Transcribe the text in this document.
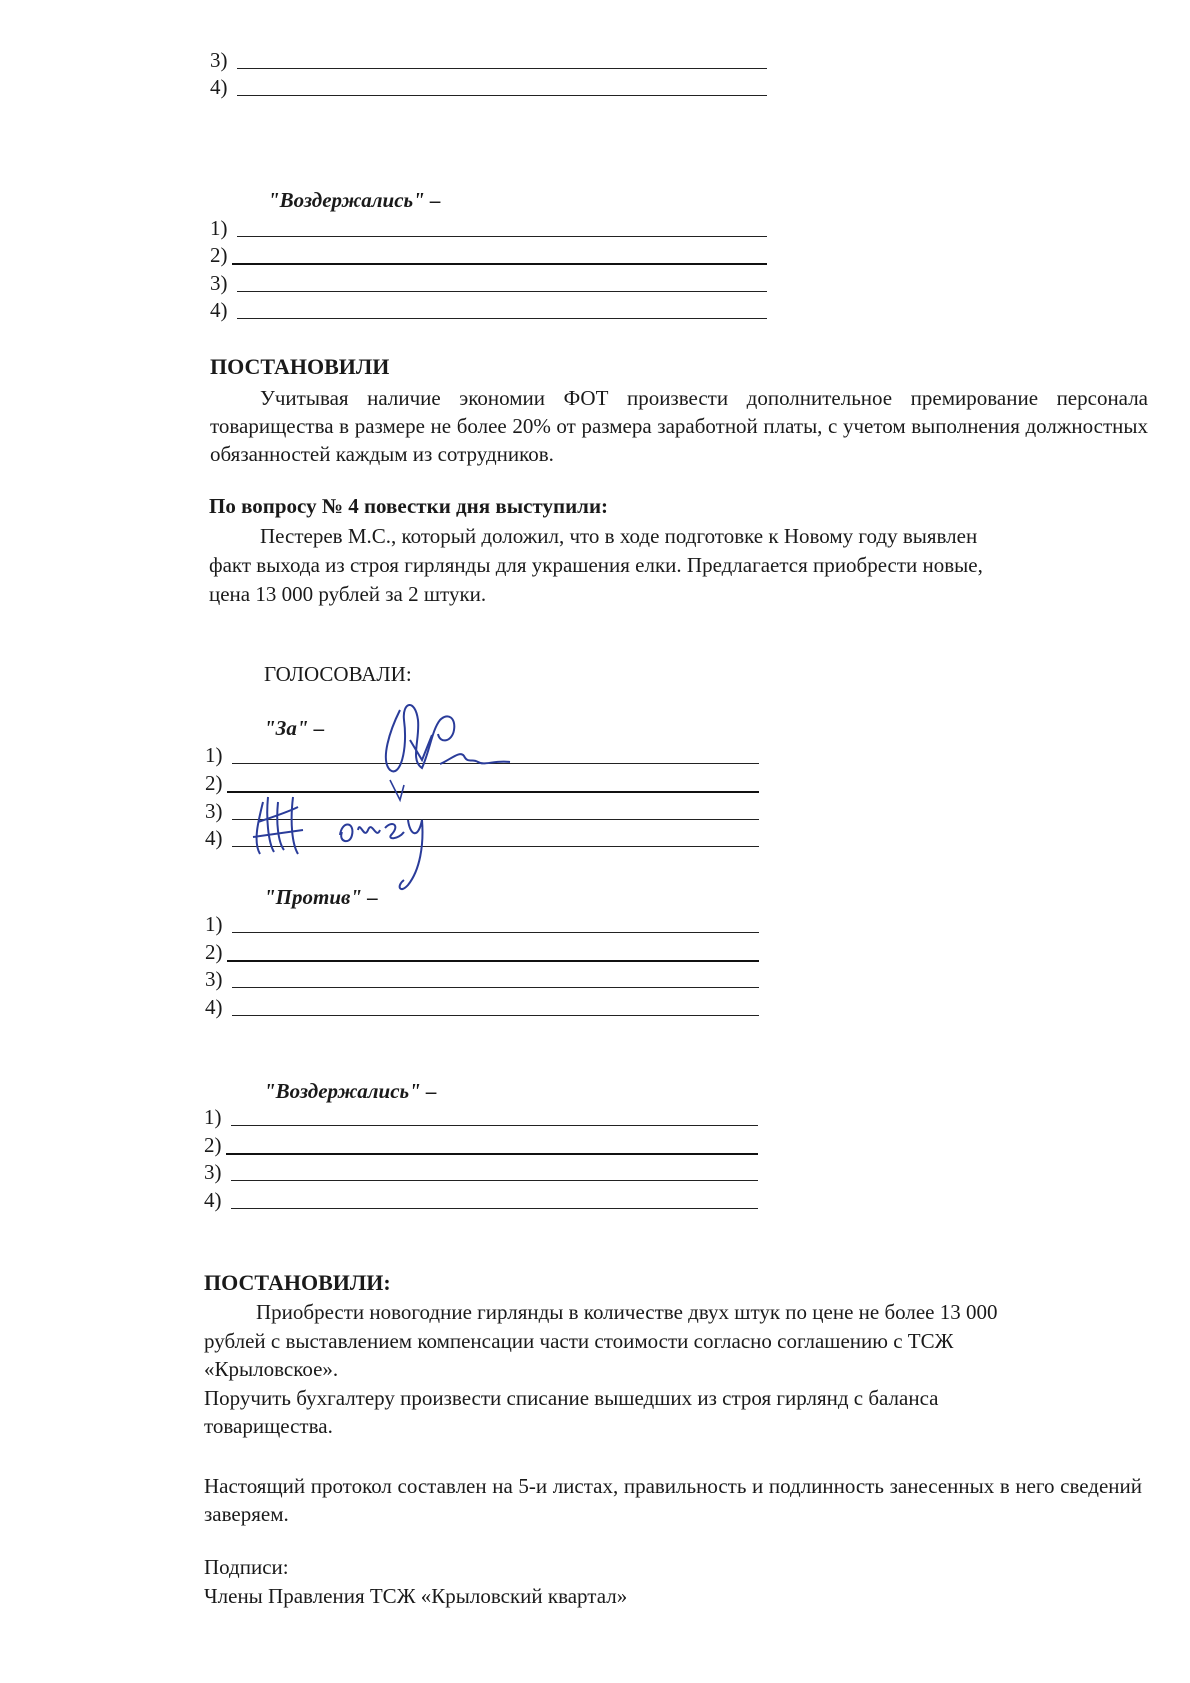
3)
4)
"Воздержались" –
1)
2)
3)
4)
ПОСТАНОВИЛИ
Учитывая наличие экономии ФОТ произвести дополнительное премирование персонала товарищества в размере не более 20% от размера заработной платы, с учетом выполнения должностных обязанностей каждым из сотрудников.
По вопросу № 4 повестки дня выступили:
Пестерев М.С., который доложил, что в ходе подготовке к Новому году выявлен
факт выхода из строя гирлянды для украшения елки. Предлагается приобрести новые,
цена 13 000 рублей за 2 штуки.
ГОЛОСОВАЛИ:
"За" –
1)
2)
3)
4)
"Против" –
1)
2)
3)
4)
"Воздержались" –
1)
2)
3)
4)
ПОСТАНОВИЛИ:
Приобрести новогодние гирлянды в количестве двух штук по цене не более 13 000
рублей с выставлением компенсации части стоимости согласно соглашению с ТСЖ
«Крыловское».
Поручить бухгалтеру произвести списание вышедших из строя гирлянд с баланса
товарищества.
Настоящий протокол составлен на 5-и листах, правильность и подлинность занесенных в него сведений заверяем.
Подписи:
Члены Правления ТСЖ «Крыловский квартал»
